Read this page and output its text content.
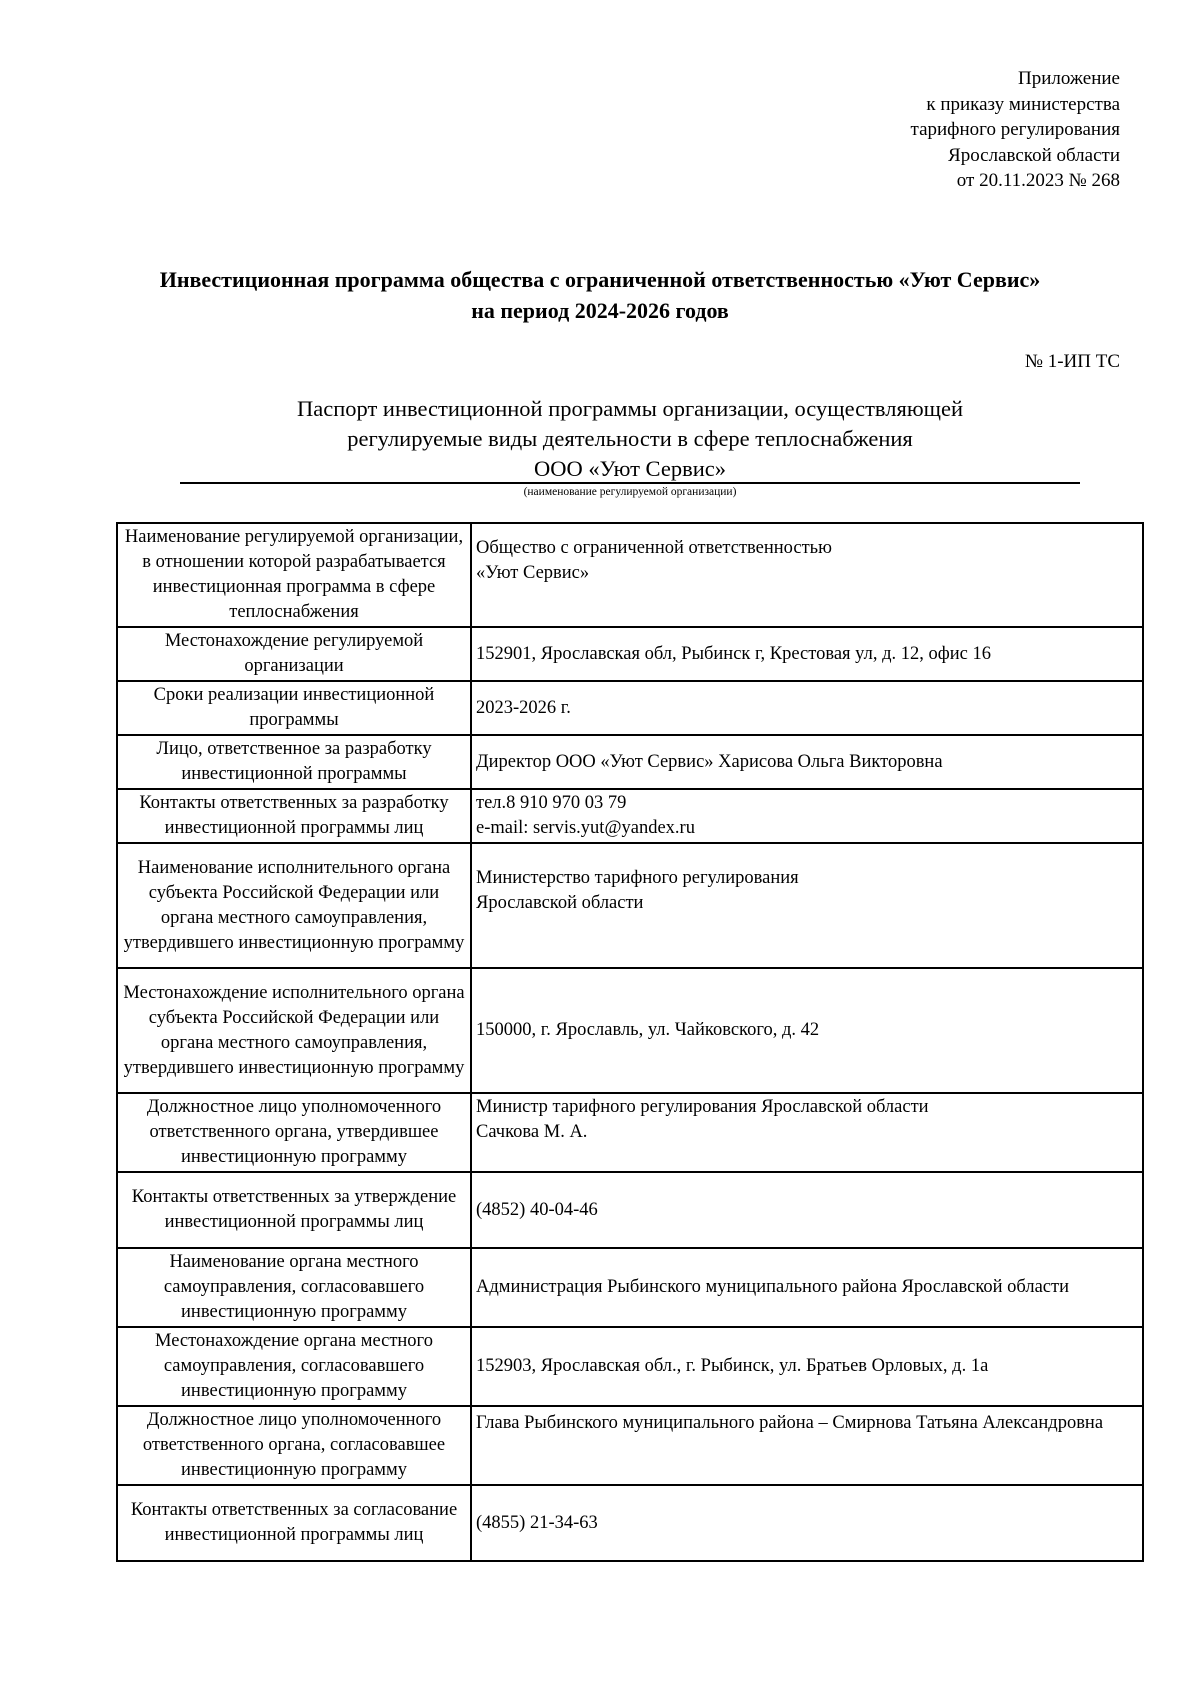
Приложение
к приказу министерства
тарифного регулирования
Ярославской области
от 20.11.2023 № 268
Инвестиционная программа общества с ограниченной ответственностью «Уют Сервис»
на период 2024-2026 годов
№ 1-ИП ТС
Паспорт инвестиционной программы организации, осуществляющей
регулируемые виды деятельности в сфере теплоснабжения
ООО «Уют Сервис»
(наименование регулируемой организации)
Наименование регулируемой организации, в отношении которой разрабатывается инвестиционная программа в сфере теплоснабжения	Общество с ограниченной ответственностью
«Уют Сервис»

Местонахождение регулируемой организации	152901, Ярославская обл, Рыбинск г, Крестовая ул, д. 12, офис 16
Сроки реализации инвестиционной программы	2023-2026 г.
Лицо, ответственное за разработку инвестиционной программы	Директор ООО «Уют Сервис» Харисова Ольга Викторовна
Контакты ответственных за разработку инвестиционной программы лиц	тел.8 910 970 03 79
e-mail: servis.yut@yandex.ru

Наименование исполнительного органа субъекта Российской Федерации или органа местного самоуправления, утвердившего инвестиционную программу	Министерство тарифного регулирования
Ярославской области

Местонахождение исполнительного органа субъекта Российской Федерации или органа местного самоуправления, утвердившего инвестиционную программу	150000, г. Ярославль, ул. Чайковского, д. 42
Должностное лицо уполномоченного ответственного органа, утвердившее инвестиционную программу	Министр тарифного регулирования Ярославской области
Сачкова М. А.

Контакты ответственных за утверждение инвестиционной программы лиц	(4852) 40-04-46
Наименование органа местного самоуправления, согласовавшего инвестиционную программу	Администрация Рыбинского муниципального района Ярославской области
Местонахождение органа местного самоуправления, согласовавшего инвестиционную программу	152903, Ярославская обл., г. Рыбинск, ул. Братьев Орловых, д. 1а
Должностное лицо уполномоченного ответственного органа, согласовавшее инвестиционную программу	Глава Рыбинского муниципального района – Смирнова Татьяна Александровна
Контакты ответственных за согласование инвестиционной программы лиц	(4855) 21-34-63
